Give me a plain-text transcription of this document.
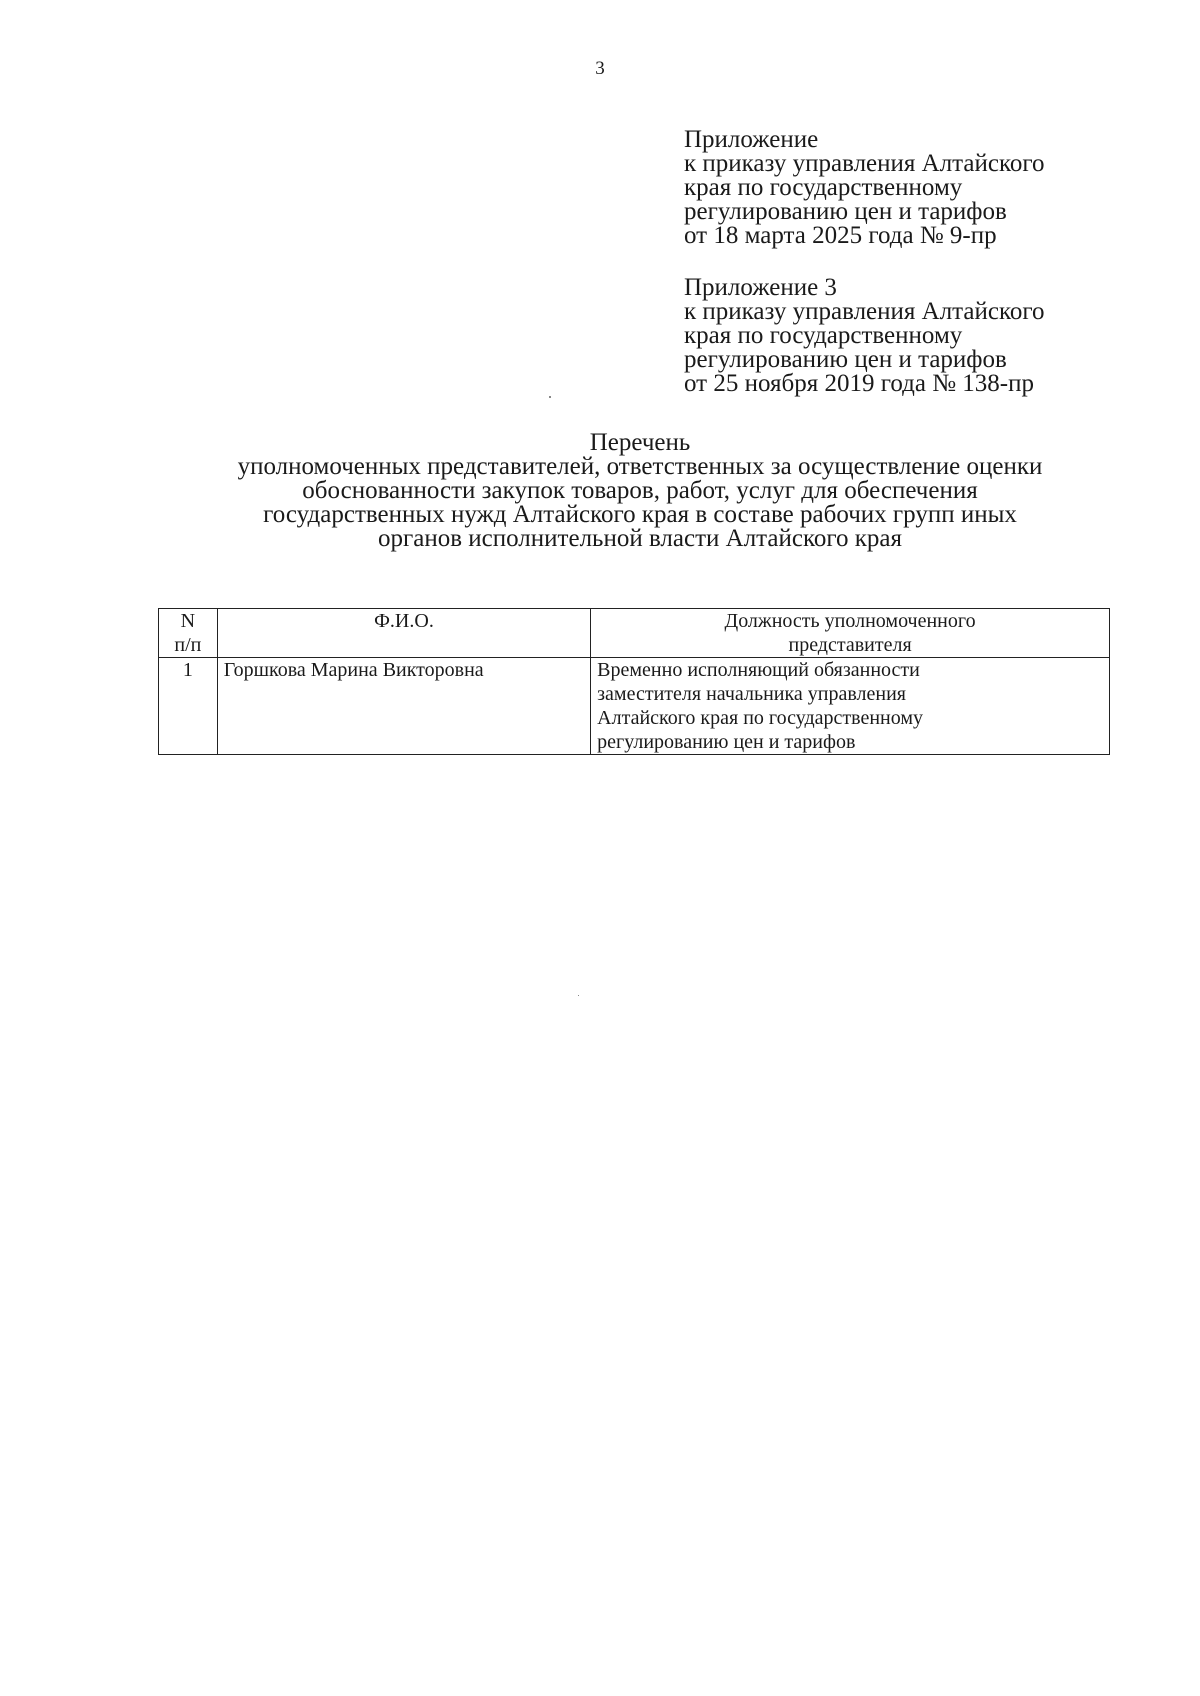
3
Приложение
к приказу управления Алтайского
края по государственному
регулированию цен и тарифов
от 18 марта 2025 года № 9-пр
Приложение 3
к приказу управления Алтайского
края по государственному
регулированию цен и тарифов
от 25 ноября 2019 года № 138-пр
Перечень
уполномоченных представителей, ответственных за осуществление оценки
обоснованности закупок товаров, работ, услуг для обеспечения
государственных нужд Алтайского края в составе рабочих групп иных
органов исполнительной власти Алтайского края
N
п/п	Ф.И.О.	Должность уполномоченного
представителя

1	Горшкова Марина Викторовна	Временно исполняющий обязанности
заместителя начальника управления
Алтайского края по государственному
регулированию цен и тарифов
